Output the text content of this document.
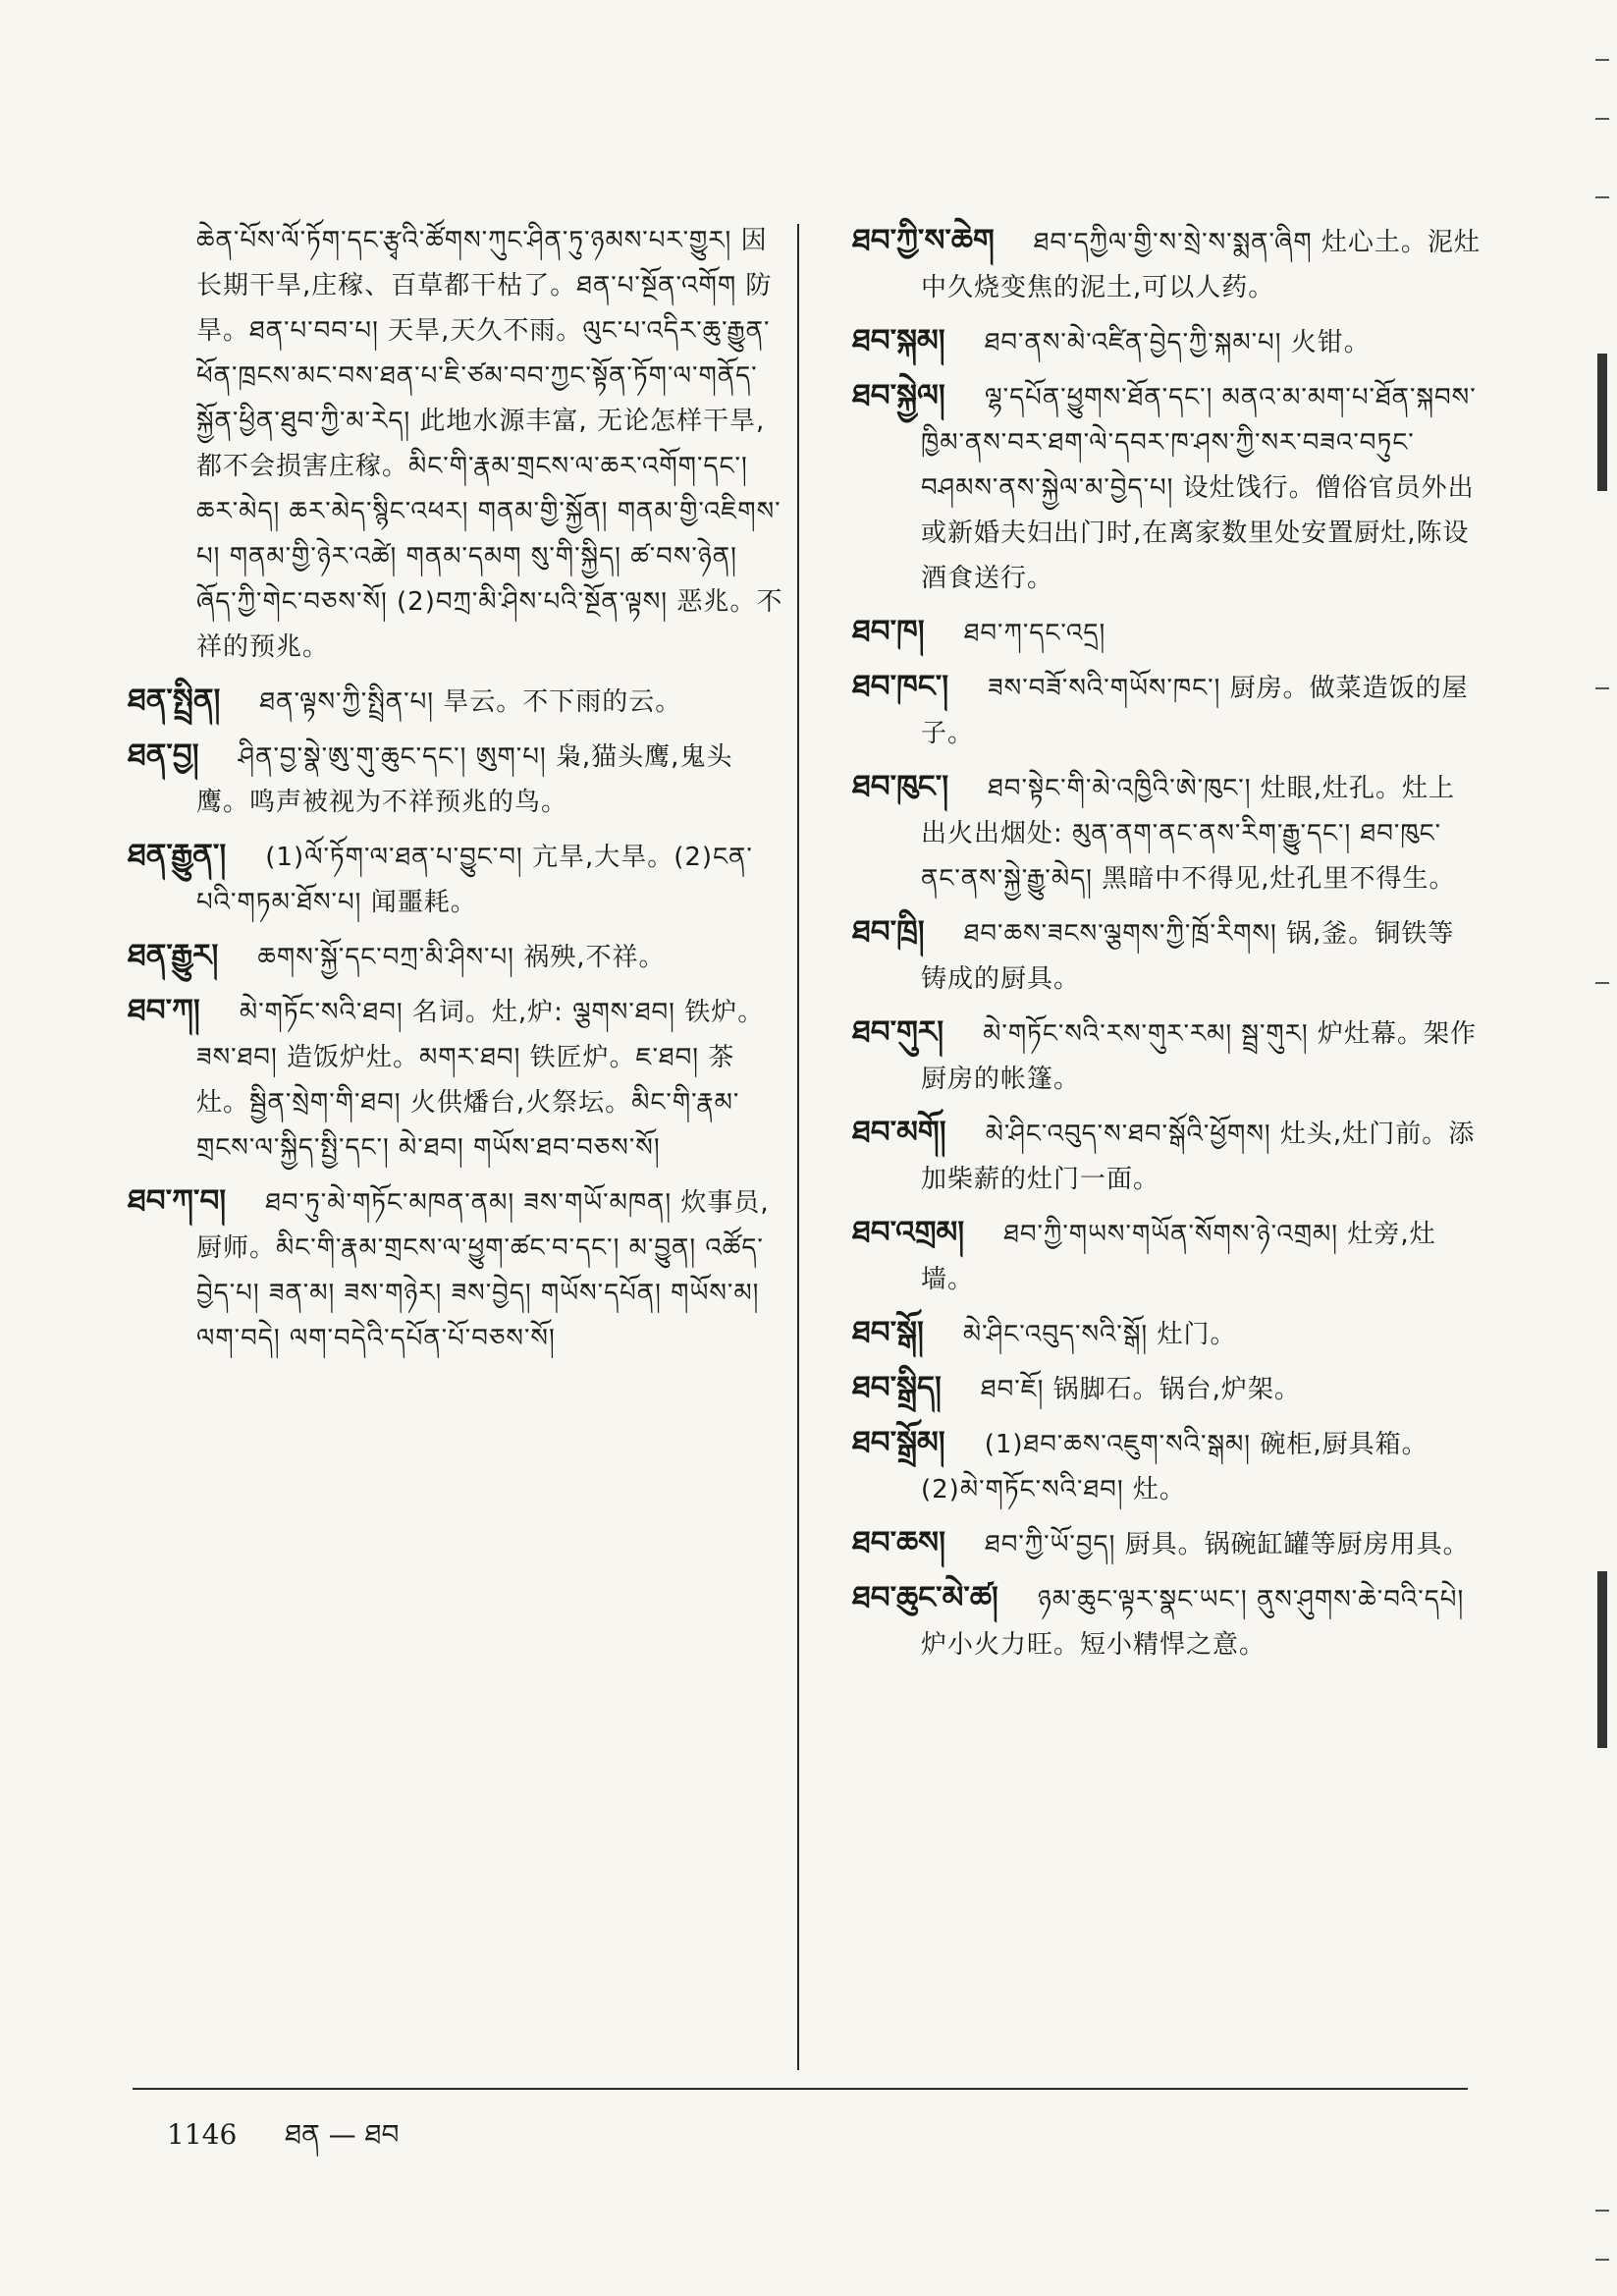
ཆེན་པོས་ལོ་ཏོག་དང་རྩྭའི་ཚོགས་ཀུང་ཤིན་ཏུ་ཉམས་པར་གྱུར། 因长期干旱,庄稼、百草都干枯了。ཐན་པ་སྔོན་འགོག 防旱。ཐན་པ་བབ་པ། 天旱,天久不雨。ལུང་པ་འདིར་ཆུ་རྒྱུན་ཕོན་ཁྲངས་མང་བས་ཐན་པ་ཇི་ཙམ་བབ་ཀྱང་སྟོན་ཏོག་ལ་གནོད་སྐྱོན་ཕྱིན་ཐུབ་ཀྱི་མ་རེད། 此地水源丰富, 无论怎样干旱, 都不会损害庄稼。མིང་གི་རྣམ་གྲངས་ལ་ཆར་འགོག་དང་། ཆར་མེད། ཆར་མེད་སྙིང་འཕར། གནམ་གྱི་སྐྱོན། གནམ་གྱི་འཇིགས་པ། གནམ་གྱི་ཉེར་འཚེ། གནམ་དམག སུ་གི་སྐྱིད། ཚ་བས་ཉེན། ཞོད་ཀྱི་གེང་བཅས་སོ། (2)བཀྲ་མི་ཤིས་པའི་སྔོན་ལྟས། 恶兆。不祥的预兆。

ཐན་སྤྲིན། ཐན་ལྟས་ཀྱི་སྤྲིན་པ། 旱云。不下雨的云。

ཐན་བྱ། ཤིན་བྱ་སྣེ་ཨུ་གུ་ཆུང་དང་། ཨུག་པ། 枭,猫头鹰,鬼头鹰。鸣声被视为不祥预兆的鸟。

ཐན་རྒྱུན་། (1)ལོ་ཏོག་ལ་ཐན་པ་བྱུང་བ། 亢旱,大旱。(2)ངན་པའི་གཏམ་ཐོས་པ། 闻噩耗。

ཐན་རྒྱུར། ཆགས་སྐྱོ་དང་བཀྲ་མི་ཤིས་པ། 祸殃,不祥。

ཐབ་ཀ། མེ་གཏོང་སའི་ཐབ། 名词。灶,炉: ལྕགས་ཐབ། 铁炉。ཟས་ཐབ། 造饭炉灶。མགར་ཐབ། 铁匠炉。ཇ་ཐབ། 茶灶。སྦྱིན་སྲེག་གི་ཐབ། 火供燔台,火祭坛。མིང་གི་རྣམ་གྲངས་ལ་སྐྱིད་སྤྱི་དང་། མེ་ཐབ། གཡོས་ཐབ་བཅས་སོ།

ཐབ་ཀ་བ། ཐབ་ཏུ་མེ་གཏོང་མཁན་ནམ། ཟས་གཡོ་མཁན། 炊事员,厨师。མིང་གི་རྣམ་གྲངས་ལ་ཕྱུག་ཚང་བ་དང་། མ་བྱུན། འཚོད་བྱེད་པ། ཟན་མ། ཟས་གཉེར། ཟས་བྱེད། གཡོས་དཔོན། གཡོས་མ། ལག་བདེ། ལག་བདེའི་དཔོན་པོ་བཅས་སོ།

ཐབ་ཀྱི་ས་ཆེག ཐབ་དཀྱིལ་གྱི་ས་སྲེ་ས་སྨན་ཞིག 灶心土。泥灶中久烧变焦的泥土,可以人药。

ཐབ་སྐམ། ཐབ་ནས་མེ་འཛིན་བྱེད་ཀྱི་སྐམ་པ། 火钳。

ཐབ་སྐྱེལ། ལྷ་དཔོན་ཕྱུགས་ཐོན་དང་། མནའ་མ་མག་པ་ཐོན་སྐབས་ཁྱིམ་ནས་བར་ཐག་ལེ་དབར་ཁ་ཤས་ཀྱི་སར་བཟའ་བཏུང་བཤམས་ནས་སྐྱེལ་མ་བྱེད་པ། 设灶饯行。僧俗官员外出或新婚夫妇出门时,在离家数里处安置厨灶,陈设酒食送行。

ཐབ་ཁ། ཐབ་ཀ་དང་འདྲ།

ཐབ་ཁང་། ཟས་བཟོ་སའི་གཡོས་ཁང་། 厨房。做菜造饭的屋子。

ཐབ་ཁུང་། ཐབ་སྟེང་གི་མེ་འཁྱིའི་ཨེ་ཁུང་། 灶眼,灶孔。灶上出火出烟处: མུན་ནག་ནང་ནས་རིག་རྒྱུ་དང་། ཐབ་ཁུང་ནང་ནས་སྐྱེ་རྒྱུ་མེད། 黑暗中不得见,灶孔里不得生。

ཐབ་ཁྲི། ཐབ་ཆས་ཟངས་ལྕགས་ཀྱི་ཁྲོ་རིགས། 锅,釜。铜铁等铸成的厨具。

ཐབ་གུར། མེ་གཏོང་སའི་རས་གུར་རམ། སྦྲ་གུར། 炉灶幕。架作厨房的帐篷。

ཐབ་མགོ། མེ་ཤིང་འབུད་ས་ཐབ་སྒོའི་ཕྱོགས། 灶头,灶门前。添加柴薪的灶门一面。

ཐབ་འགྲམ། ཐབ་ཀྱི་གཡས་གཡོན་སོགས་ཉེ་འགྲམ། 灶旁,灶墙。

ཐབ་སྒོ། མེ་ཤིང་འབུད་སའི་སྒོ། 灶门。

ཐབ་སྒྲིད། ཐབ་ཇོ། 锅脚石。锅台,炉架。

ཐབ་སྒྲོམ། (1)ཐབ་ཆས་འཇུག་སའི་སྒམ། 碗柜,厨具箱。(2)མེ་གཏོང་སའི་ཐབ། 灶。

ཐབ་ཆས། ཐབ་ཀྱི་ཡོ་བྱད། 厨具。锅碗缸罐等厨房用具。

ཐབ་ཆུང་མེ་ཚ། ཉམ་ཆུང་ལྟར་སྣང་ཡང་། ནུས་ཤུགས་ཆེ་བའི་དཔེ། 炉小火力旺。短小精悍之意。

1146 ཐན — ཐབ
